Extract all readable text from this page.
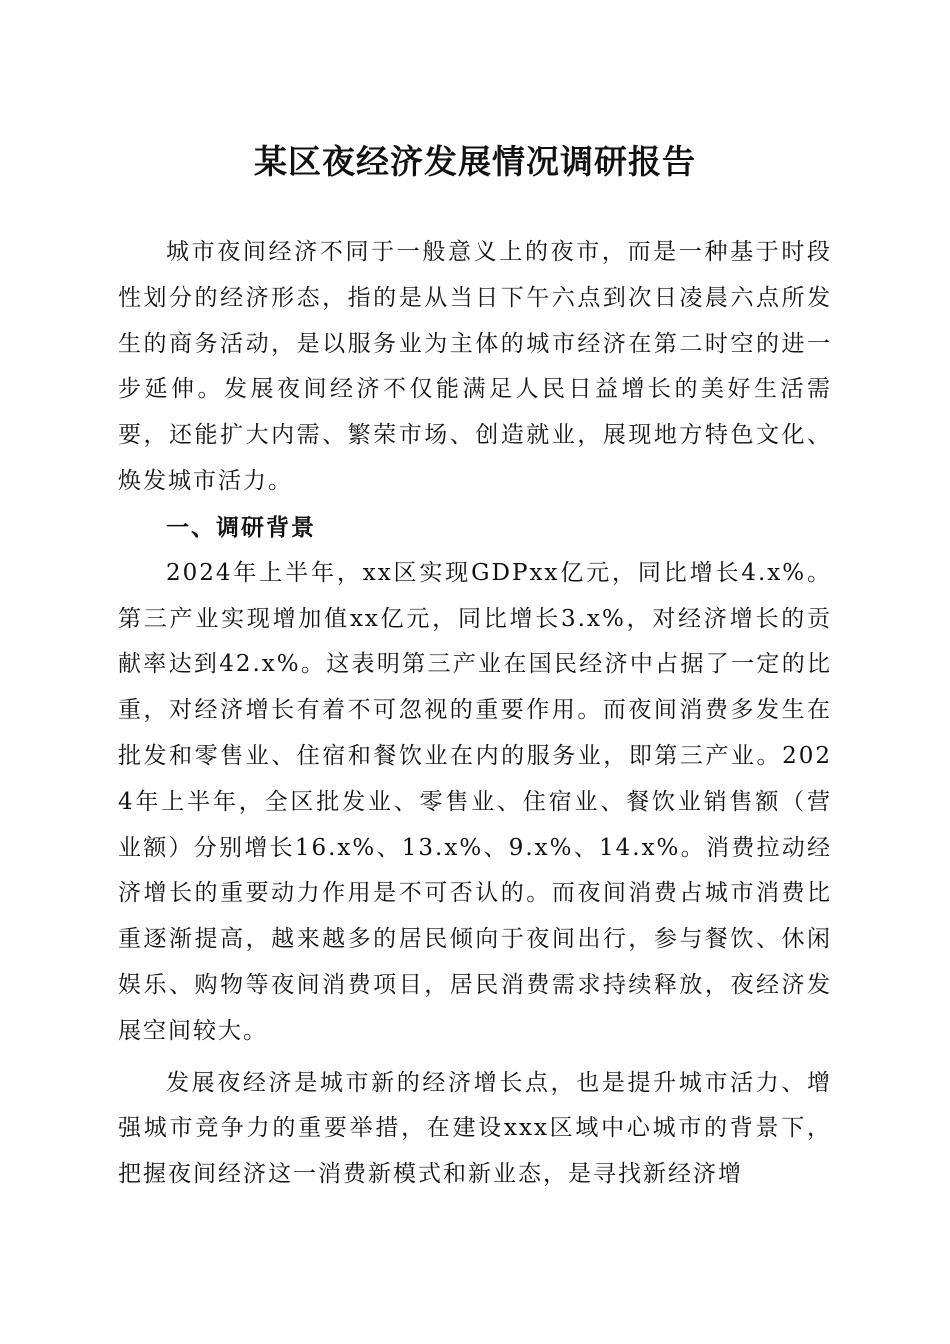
某区夜经济发展情况调研报告

城市夜间经济不同于一般意义上的夜市，而是一种基于时段性划分的经济形态，指的是从当日下午六点到次日凌晨六点所发生的商务活动，是以服务业为主体的城市经济在第二时空的进一步延伸。发展夜间经济不仅能满足人民日益增长的美好生活需要，还能扩大内需、繁荣市场、创造就业，展现地方特色文化、焕发城市活力。

一、调研背景

2024年上半年，xx区实现GDPxx亿元，同比增长4.x%。第三产业实现增加值xx亿元，同比增长3.x%，对经济增长的贡献率达到42.x%。这表明第三产业在国民经济中占据了一定的比重，对经济增长有着不可忽视的重要作用。而夜间消费多发生在批发和零售业、住宿和餐饮业在内的服务业，即第三产业。2024年上半年，全区批发业、零售业、住宿业、餐饮业销售额（营业额）分别增长16.x%、13.x%、9.x%、14.x%。消费拉动经济增长的重要动力作用是不可否认的。而夜间消费占城市消费比重逐渐提高，越来越多的居民倾向于夜间出行，参与餐饮、休闲娱乐、购物等夜间消费项目，居民消费需求持续释放，夜经济发展空间较大。

发展夜经济是城市新的经济增长点，也是提升城市活力、增强城市竞争力的重要举措，在建设xxx区域中心城市的背景下，把握夜间经济这一消费新模式和新业态，是寻找新经济增
